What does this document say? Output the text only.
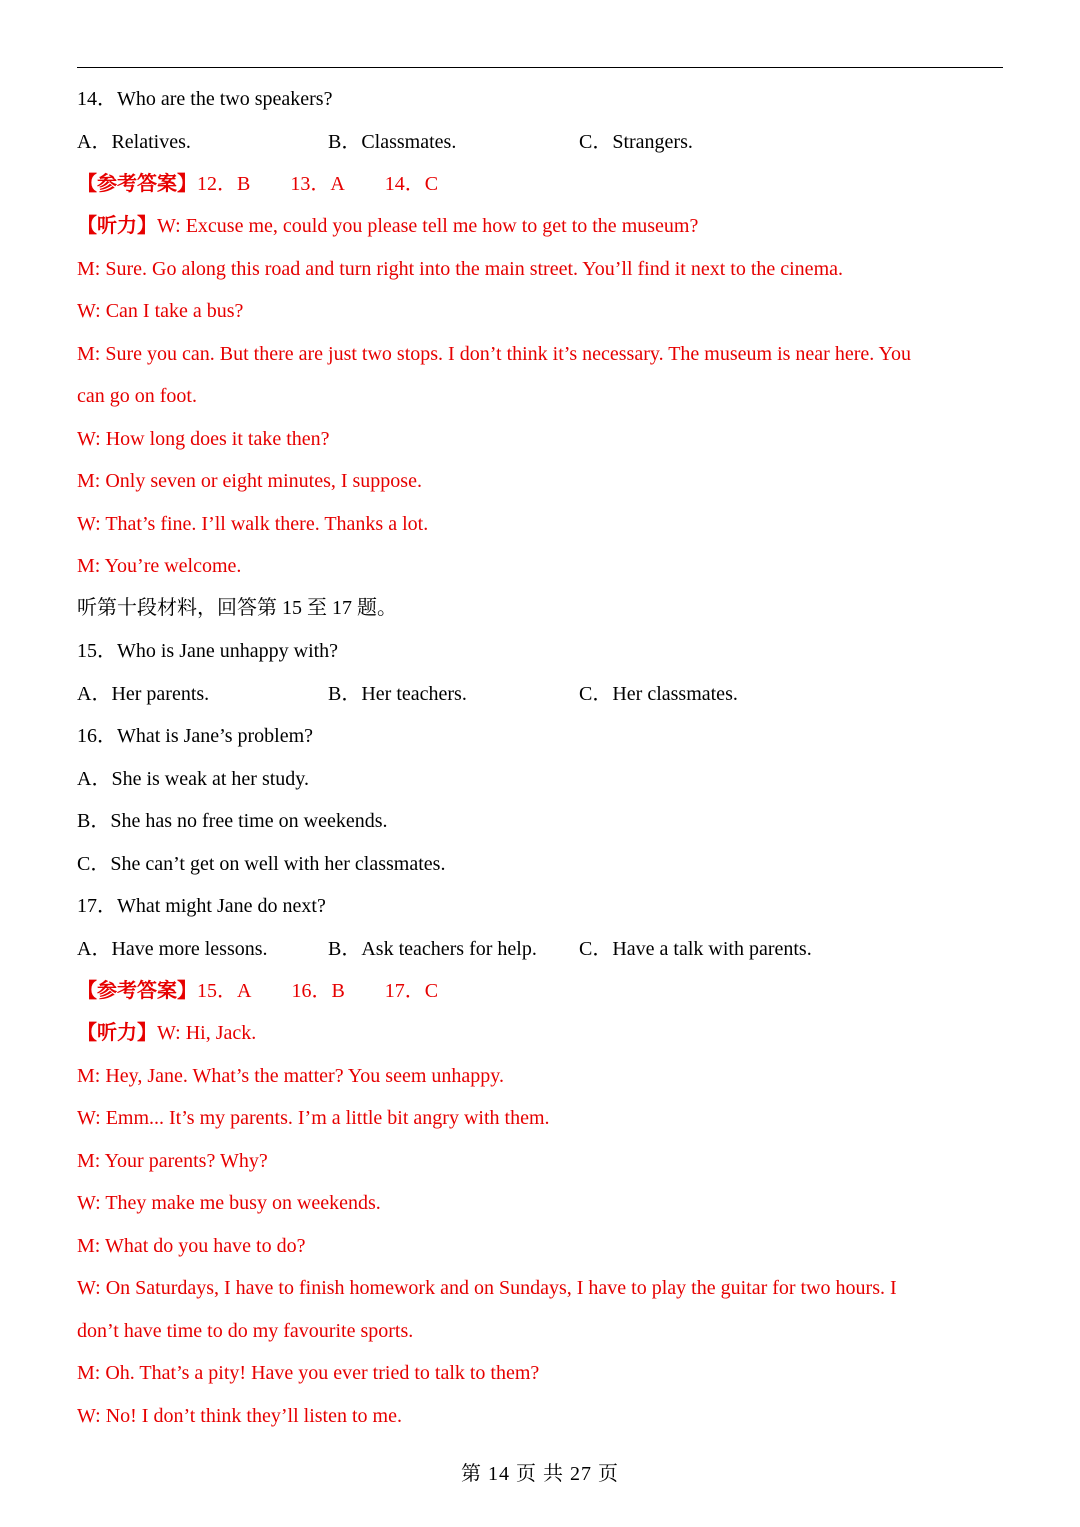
14．Who are the two speakers?
A．Relatives.	B．Classmates.	C．Strangers.
【参考答案】12．B 13．A 14．C
【听力】W: Excuse me, could you please tell me how to get to the museum?
M: Sure. Go along this road and turn right into the main street. You’ll find it next to the cinema.
W: Can I take a bus?
M: Sure you can. But there are just two stops. I don’t think it’s necessary. The museum is near here. You
can go on foot.
W: How long does it take then?
M: Only seven or eight minutes, I suppose.
W: That’s fine. I’ll walk there. Thanks a lot.
M: You’re welcome.
听第十段材料，回答第 15 至 17 题。
15．Who is Jane unhappy with?
A．Her parents.	B．Her teachers.	C．Her classmates.
16．What is Jane’s problem?
A．She is weak at her study.
B．She has no free time on weekends.
C．She can’t get on well with her classmates.
17．What might Jane do next?
A．Have more lessons.	B．Ask teachers for help. C．Have a talk with parents.
【参考答案】15．A 16．B 17．C
【听力】W: Hi, Jack.
M: Hey, Jane. What’s the matter? You seem unhappy.
W: Emm... It’s my parents. I’m a little bit angry with them.
M: Your parents? Why?
W: They make me busy on weekends.
M: What do you have to do?
W: On Saturdays, I have to finish homework and on Sundays, I have to play the guitar for two hours. I
don’t have time to do my favourite sports.
M: Oh. That’s a pity! Have you ever tried to talk to them?
W: No! I don’t think they’ll listen to me.
第 14 页 共 27 页
